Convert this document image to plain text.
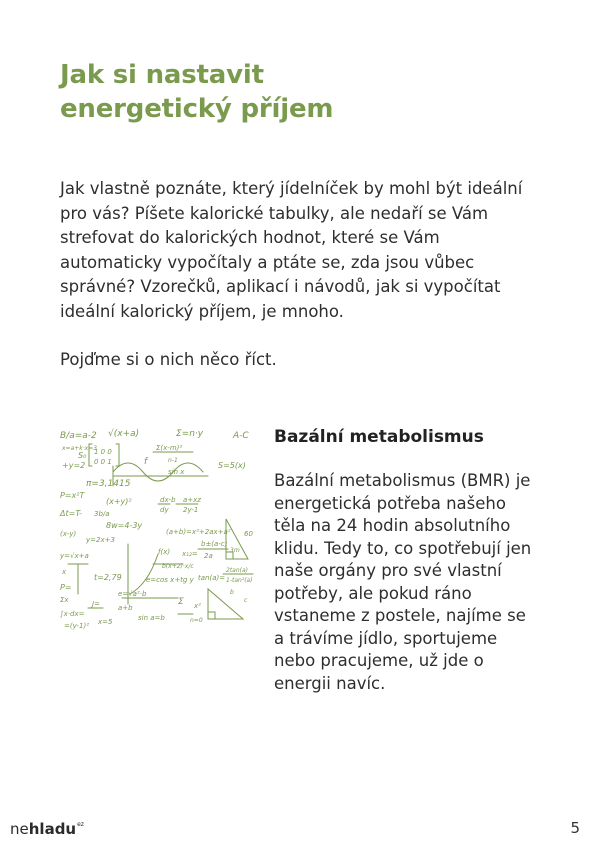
Jak si nastavit
energetický příjem

Jak vlastně poznáte, který jídelníček by mohl být ideální
pro vás? Píšete kalorické tabulky, ale nedaří se Vám
strefovat do kalorických hodnot, které se Vám
automaticky vypočítaly a ptáte se, zda jsou vůbec
správné? Vzorečků, aplikací i návodů, jak si vypočítat
ideální kalorický příjem, je mnoho.

Pojďme si o nich něco říct.

B/a=a-2 √(x+a)	Σ=n·y	A-C
x=a+k·x=3
1 0 0
0 0 1
Σ(x-m)²
n-1
S=5(x)
+y=2
S₀
f
sin x
π=3,1415
P=x²T
(x+y)²	dx-b a+xz
dy 2y-1
Δt=T- 3b/a
8w=4-3y
(a+b)=x²+2ax+a²
(x-y)
y=2x+3
60
3m
f(x)
b±(a-c)
2a
x₁₂=
y=√x+a
b(x+2)·x/c
x
t=2,79	e=cos x+tg y tan(a)=
2tan(a)
1-tan²(a)
P=
Σx
e=√a²·b
Σ
∫x·dx=
J=	a+b
sin a=b
x²
n=0
=(y-1)² x=5
c
b
Bazální metabolismus
Bazální metabolismus (BMR) je
energetická potřeba našeho
těla na 24 hodin absolutního
klidu. Tedy to, co spotřebují jen
naše orgány pro své vlastní
potřeby, ale pokud ráno
vstaneme z postele, najíme se
a trávíme jídlo, sportujeme
nebo pracujeme, už jde o
energii navíc.
ne hladu ez	5
